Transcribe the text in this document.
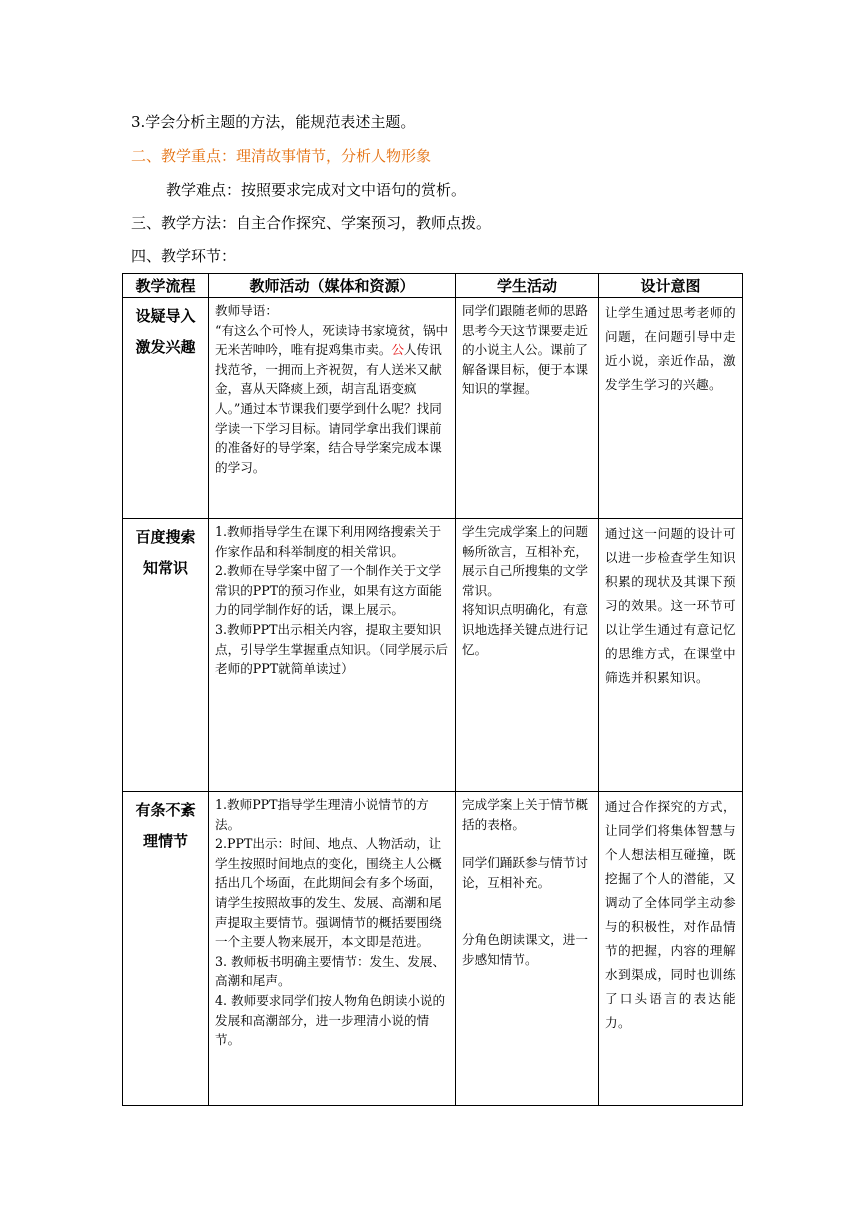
3.学会分析主题的方法，能规范表述主题。
二、教学重点：理清故事情节，分析人物形象
教学难点：按照要求完成对文中语句的赏析。
三、教学方法：自主合作探究、学案预习，教师点拨。
四、教学环节：
教学流程	教师活动（媒体和资源）	学生活动	设计意图
设疑导入激发兴趣	教师导语：
“有这么个可怜人，死读诗书家境贫，锅中无米苦呻吟，唯有捉鸡集市卖。公人传讯找范爷，一拥而上齐祝贺，有人送米又献金，喜从天降痰上颈，胡言乱语变疯人。”通过本节课我们要学到什么呢？找同学读一下学习目标。请同学拿出我们课前的准备好的导学案，结合导学案完成本课的学习。	同学们跟随老师的思路思考今天这节课要走近的小说主人公。课前了解备课目标，便于本课知识的掌握。	让学生通过思考老师的问题，在问题引导中走近小说，亲近作品，激发学生学习的兴趣。

百度搜索知常识	1.教师指导学生在课下利用网络搜索关于作家作品和科举制度的相关常识。
2.教师在导学案中留了一个制作关于文学常识的PPT的预习作业，如果有这方面能力的同学制作好的话，课上展示。
3.教师PPT出示相关内容，提取主要知识点，引导学生掌握重点知识。（同学展示后老师的PPT就简单读过）	学生完成学案上的问题
畅所欲言，互相补充，展示自己所搜集的文学常识。
将知识点明确化，有意识地选择关键点进行记忆。	通过这一问题的设计可以进一步检查学生知识积累的现状及其课下预习的效果。这一环节可以让学生通过有意记忆的思维方式，在课堂中筛选并积累知识。

有条不紊理情节	1.教师PPT指导学生理清小说情节的方法。
2.PPT出示：时间、地点、人物活动，让学生按照时间地点的变化，围绕主人公概括出几个场面，在此期间会有多个场面，请学生按照故事的发生、发展、高潮和尾声提取主要情节。强调情节的概括要围绕一个主要人物来展开，本文即是范进。
3. 教师板书明确主要情节：发生、发展、高潮和尾声。
4. 教师要求同学们按人物角色朗读小说的发展和高潮部分，进一步理清小说的情节。	完成学案上关于情节概括的表格。
同学们踊跃参与情节讨论，互相补充。
分角色朗读课文，进一步感知情节。	通过合作探究的方式，让同学们将集体智慧与个人想法相互碰撞，既挖掘了个人的潜能，又调动了全体同学主动参与的积极性，对作品情节的把握，内容的理解水到渠成，同时也训练了口头语言的表达能力。
